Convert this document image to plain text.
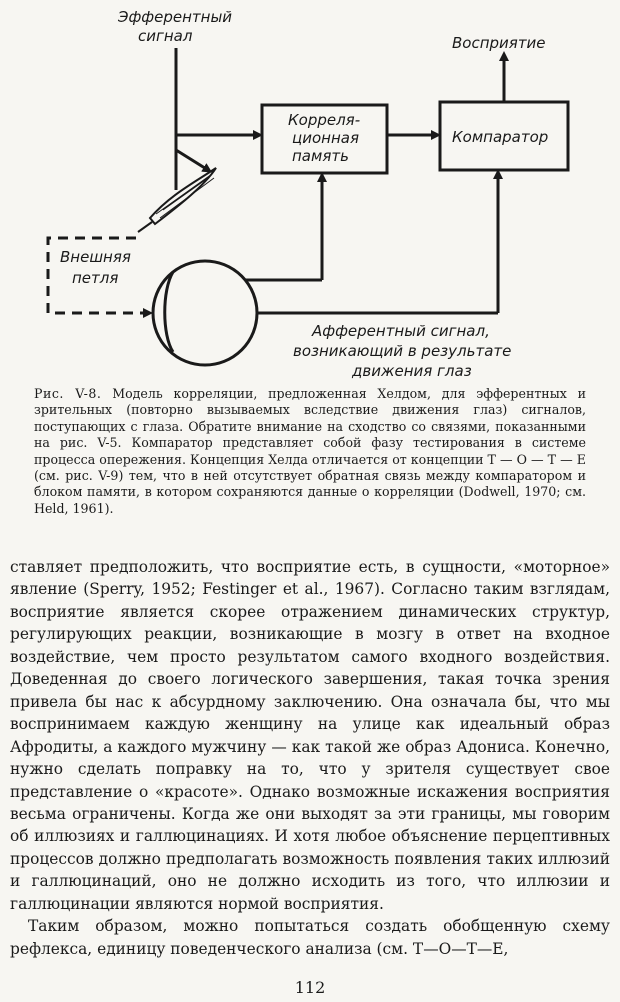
Эфферентный
сигнал
Корреля-
ционная
память
Компаратор
Восприятие
Внешняя
петля
Афферентный сигнал,
возникающий в результате
движения глаз
Рис. V-8. Модель корреляции, предложенная Хелдом, для эфферентных и зрительных (повторно вызываемых вследствие движения глаз) сигналов, поступающих с глаза. Обратите внимание на сходство со связями, показанными на рис. V-5. Компаратор представляет собой фазу тестирования в системе процесса опережения. Концепция Хелда отличается от концепции Т — О — Т — Е (см. рис. V-9) тем, что в ней отсутствует обратная связь между компаратором и блоком памяти, в котором сохраняются данные о корреляции (Dodwell, 1970; см. Held, 1961).

ставляет предположить, что восприятие есть, в сущности, «моторное» явление (Sperry, 1952; Festinger et al., 1967). Согласно таким взглядам, восприятие является скорее отражением динамических структур, регулирующих реакции, возникающие в мозгу в ответ на входное воздействие, чем просто результатом самого входного воздействия. Доведенная до своего логического завершения, такая точка зрения привела бы нас к абсурдному заключению. Она означала бы, что мы воспринимаем каждую женщину на улице как идеальный образ Афродиты, а каждого мужчину — как такой же образ Адониса. Конечно, нужно сделать поправку на то, что у зрителя существует свое представление о «красоте». Однако возможные искажения восприятия весьма ограничены. Когда же они выходят за эти границы, мы говорим об иллюзиях и галлюцинациях. И хотя любое объяснение перцептивных процессов должно предполагать возможность появления таких иллюзий и галлюцинаций, оно не должно исходить из того, что иллюзии и галлюцинации являются нормой восприятия.

Таким образом, можно попытаться создать обобщенную схему рефлекса, единицу поведенческого анализа (см. Т—О—Т—Е,

112
